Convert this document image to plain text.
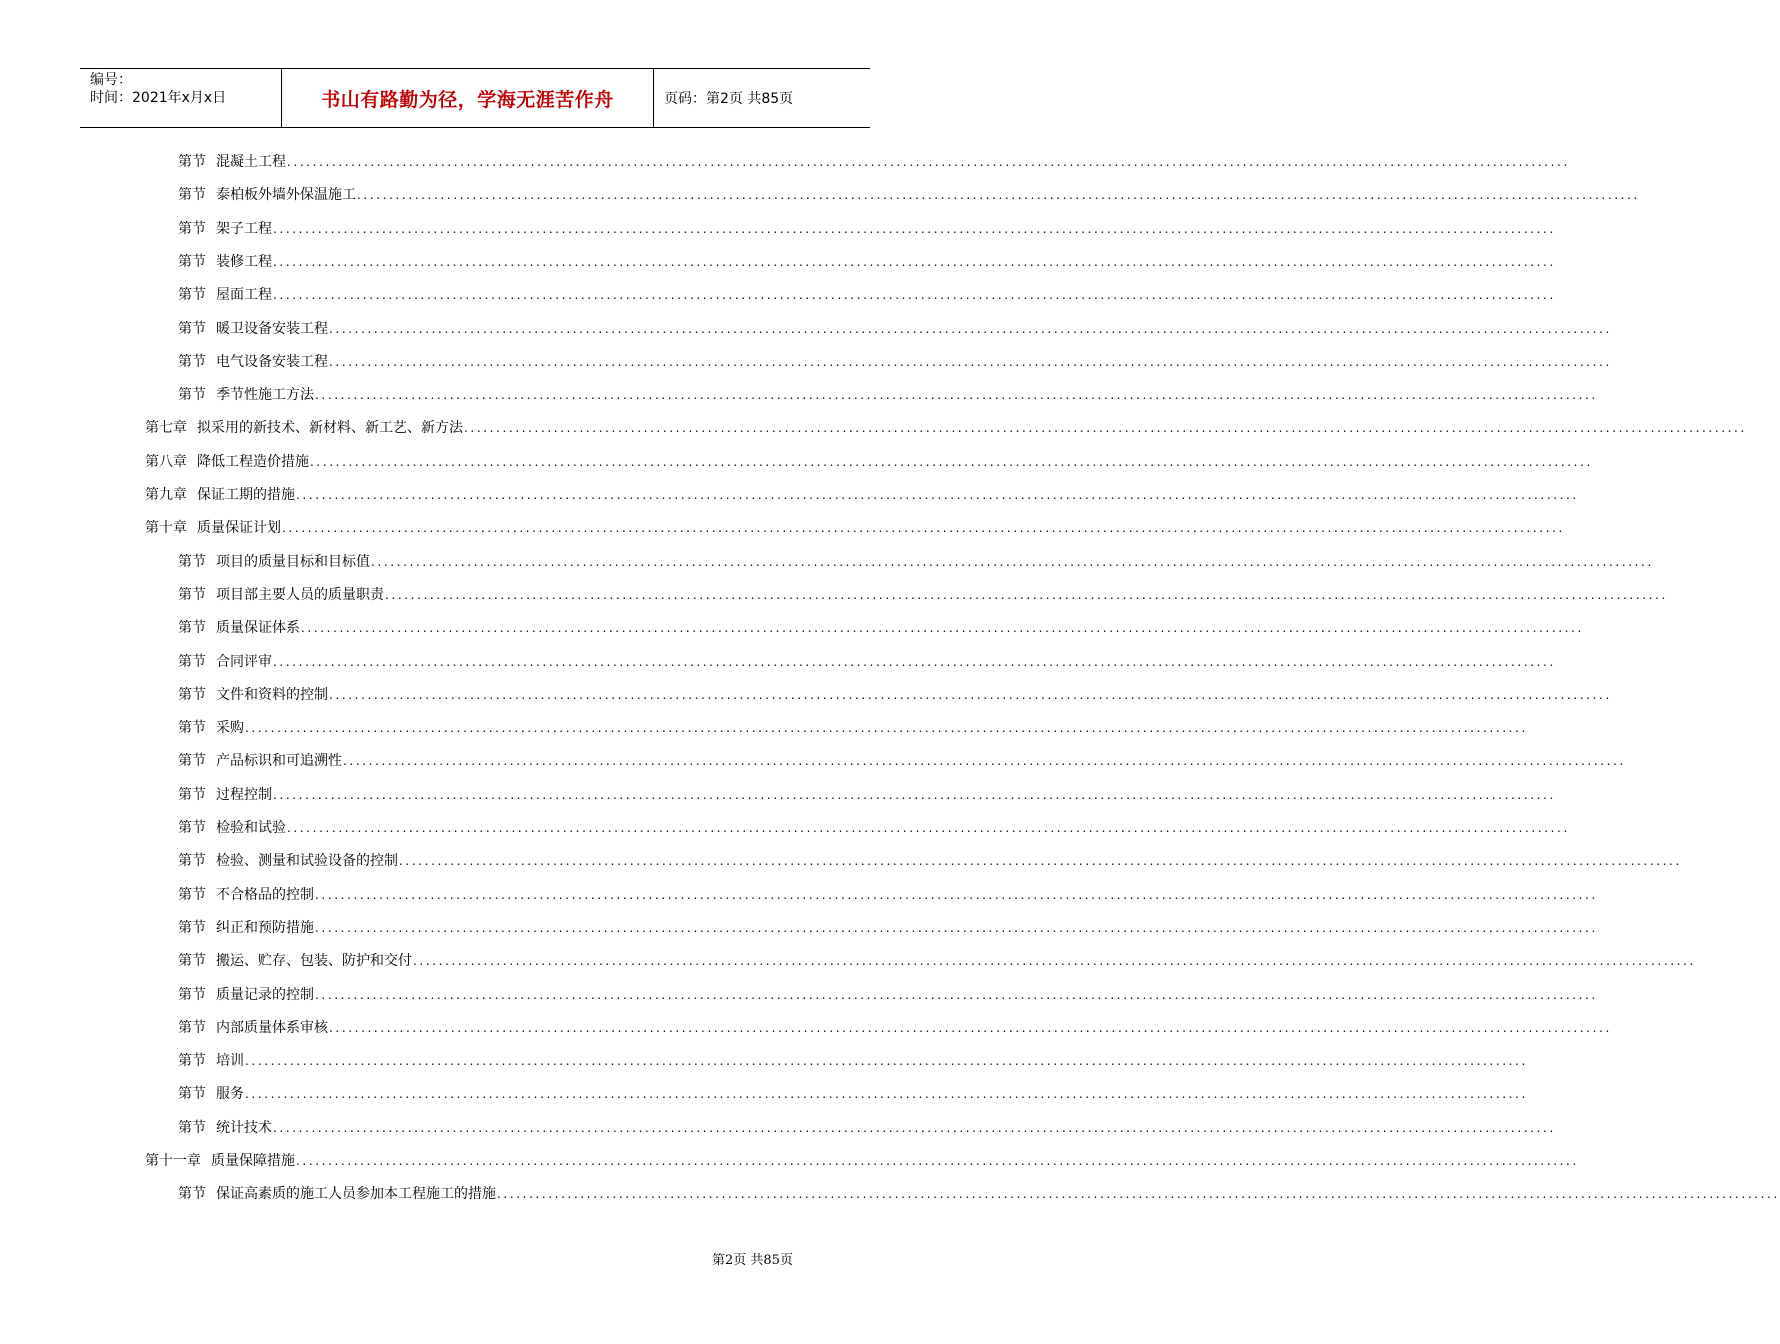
编号：
时间：2021年x月x日	书山有路勤为径，学海无涯苦作舟	页码：第2页 共85页
第节 混凝土工程 ........................................................................................................................................................................................................
第节 泰柏板外墙外保温施工 ........................................................................................................................................................................................................
第节 架子工程 ........................................................................................................................................................................................................
第节 装修工程 ........................................................................................................................................................................................................
第节 屋面工程 ........................................................................................................................................................................................................
第节 暖卫设备安装工程 ........................................................................................................................................................................................................
第节 电气设备安装工程 ........................................................................................................................................................................................................
第节 季节性施工方法 ........................................................................................................................................................................................................
第七章 拟采用的新技术、新材料、新工艺、新方法 ........................................................................................................................................................................................................
第八章 降低工程造价措施 ........................................................................................................................................................................................................
第九章 保证工期的措施 ........................................................................................................................................................................................................
第十章 质量保证计划 ........................................................................................................................................................................................................
第节 项目的质量目标和目标值 ........................................................................................................................................................................................................
第节 项目部主要人员的质量职责 ........................................................................................................................................................................................................
第节 质量保证体系 ........................................................................................................................................................................................................
第节 合同评审 ........................................................................................................................................................................................................
第节 文件和资料的控制 ........................................................................................................................................................................................................
第节 采购 ........................................................................................................................................................................................................
第节 产品标识和可追溯性 ........................................................................................................................................................................................................
第节 过程控制 ........................................................................................................................................................................................................
第节 检验和试验 ........................................................................................................................................................................................................
第节 检验、测量和试验设备的控制 ........................................................................................................................................................................................................
第节 不合格品的控制 ........................................................................................................................................................................................................
第节 纠正和预防措施 ........................................................................................................................................................................................................
第节 搬运、贮存、包装、防护和交付 ........................................................................................................................................................................................................
第节 质量记录的控制 ........................................................................................................................................................................................................
第节 内部质量体系审核 ........................................................................................................................................................................................................
第节 培训 ........................................................................................................................................................................................................
第节 服务 ........................................................................................................................................................................................................
第节 统计技术 ........................................................................................................................................................................................................
第十一章 质量保障措施 ........................................................................................................................................................................................................
第节 保证高素质的施工人员参加本工程施工的措施 ........................................................................................................................................................................................................
第2页 共85页
